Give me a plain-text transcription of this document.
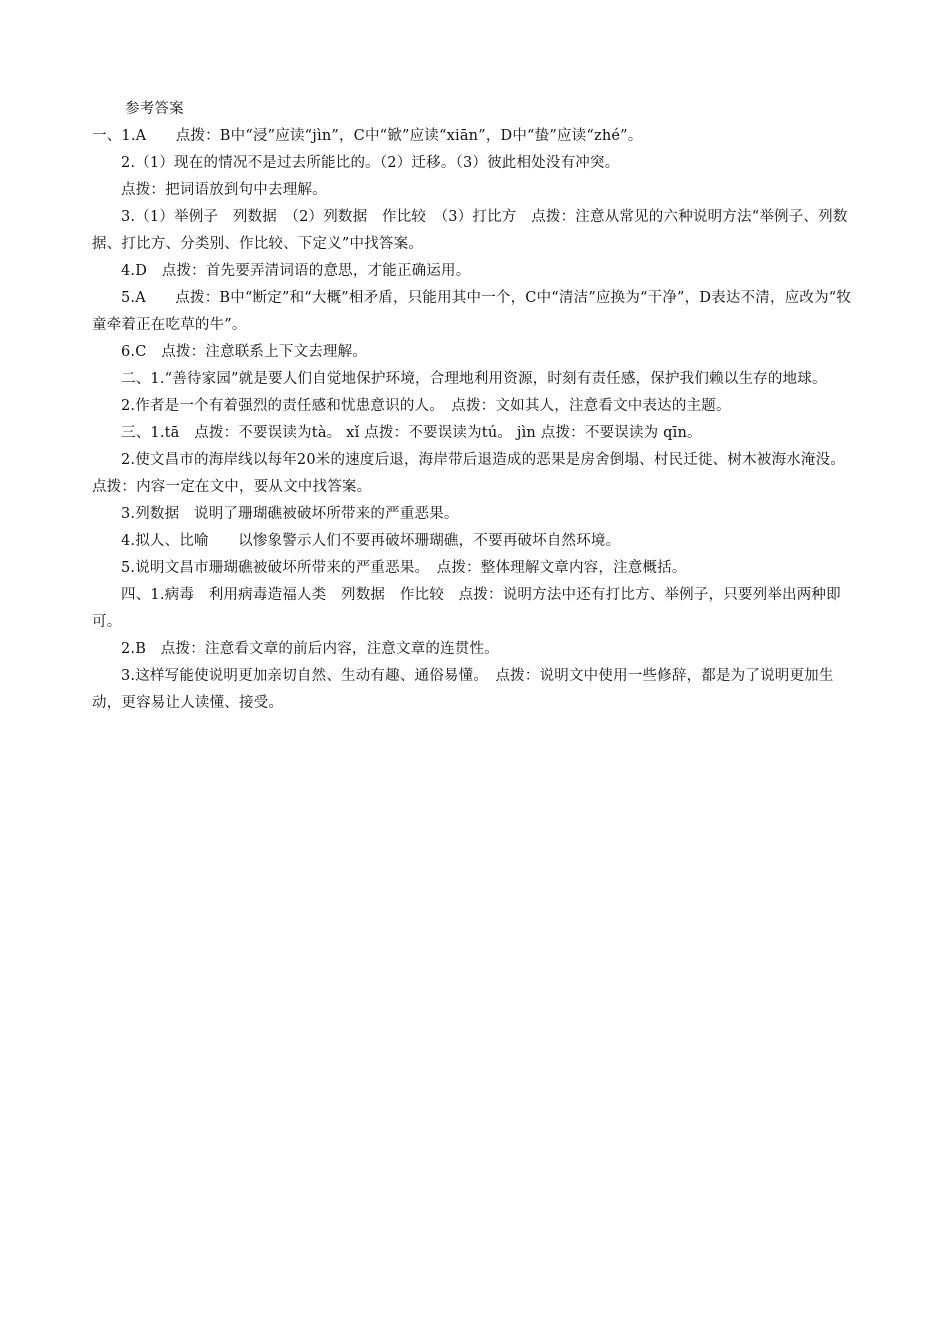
参考答案
一、1.A　　点拨：B中“浸”应读“jìn”，C中“锨”应读“xiān”，D中“蛰”应读“zhé”。
2.（1）现在的情况不是过去所能比的。（2）迁移。（3）彼此相处没有冲突。
点拨：把词语放到句中去理解。
3.（1）举例子　列数据　（2）列数据　作比较　（3）打比方　点拨：注意从常见的六种说明方法“举例子、列数据、打比方、分类别、作比较、下定义”中找答案。
4.D　点拨：首先要弄清词语的意思，才能正确运用。
5.A　　点拨：B中“断定”和“大概”相矛盾，只能用其中一个，C中“清洁”应换为“干净”，D表达不清，应改为“牧童牵着正在吃草的牛”。
6.C　点拨：注意联系上下文去理解。
二、1.“善待家园”就是要人们自觉地保护环境，合理地利用资源，时刻有责任感，保护我们赖以生存的地球。
2.作者是一个有着强烈的责任感和忧患意识的人。　点拨：文如其人，注意看文中表达的主题。
三、1.tā　点拨：不要误读为tà。 xǐ 点拨：不要误读为tú。 jìn 点拨：不要误读为 qīn。
2.使文昌市的海岸线以每年20米的速度后退，海岸带后退造成的恶果是房舍倒塌、村民迁徙、树木被海水淹没。　点拨：内容一定在文中，要从文中找答案。
3.列数据　说明了珊瑚礁被破坏所带来的严重恶果。
4.拟人、比喻　　以惨象警示人们不要再破坏珊瑚礁，不要再破坏自然环境。
5.说明文昌市珊瑚礁被破坏所带来的严重恶果。　点拨：整体理解文章内容，注意概括。
四、1.病毒　利用病毒造福人类　列数据　作比较　点拨：说明方法中还有打比方、举例子，只要列举出两种即可。
2.B　点拨：注意看文章的前后内容，注意文章的连贯性。
3.这样写能使说明更加亲切自然、生动有趣、通俗易懂。　点拨：说明文中使用一些修辞，都是为了说明更加生动，更容易让人读懂、接受。
